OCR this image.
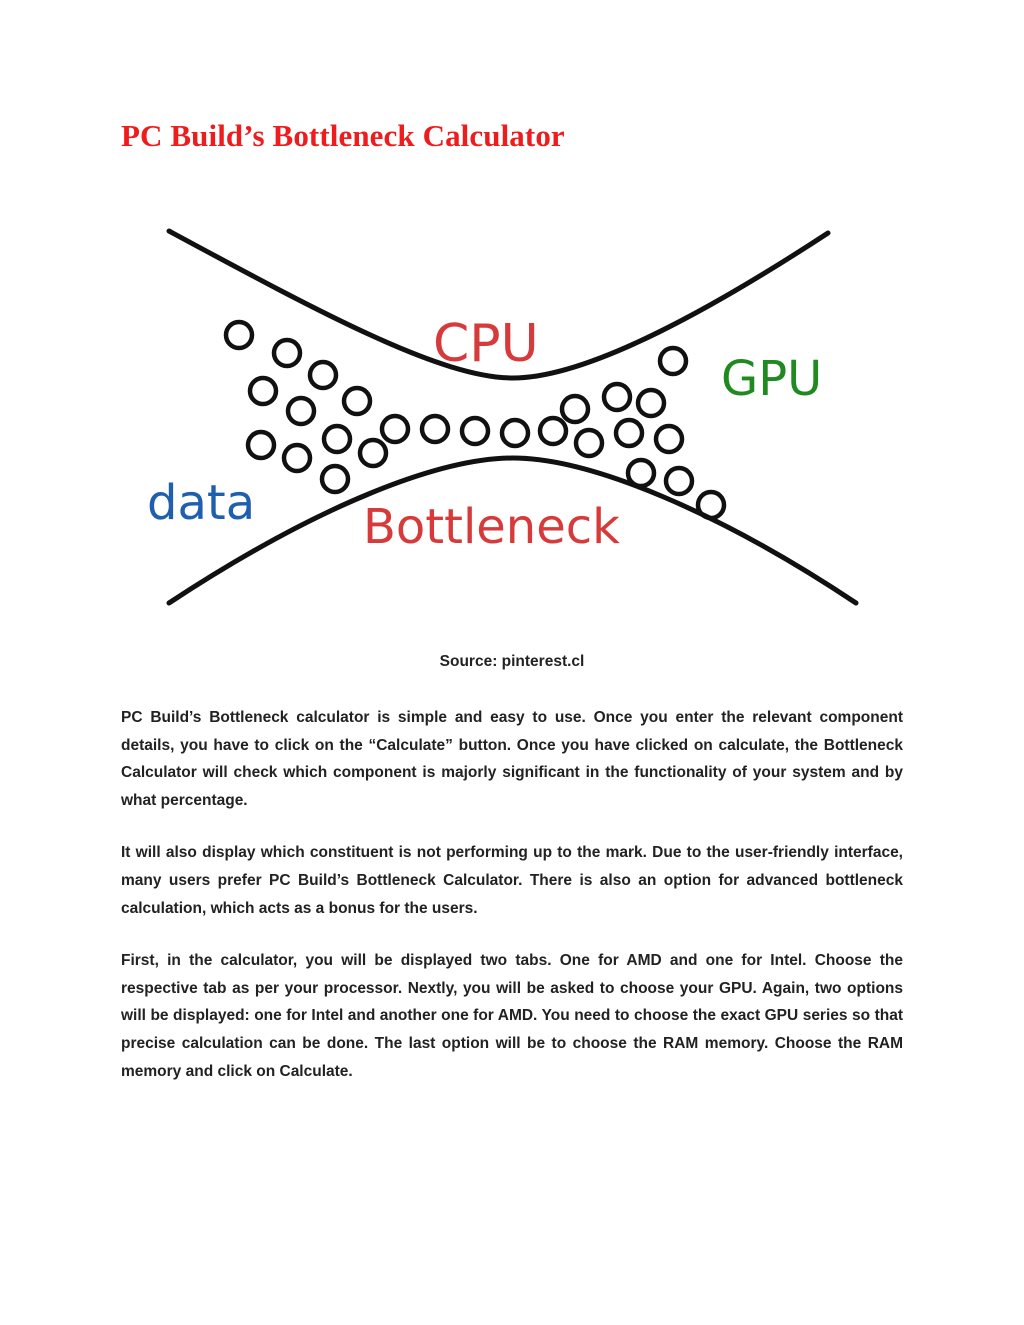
PC Build’s Bottleneck Calculator
CPU
GPU
data Bottleneck
Source: pinterest.cl

PC Build’s Bottleneck calculator is simple and easy to use. Once you enter the relevant component details, you have to click on the “Calculate” button. Once you have clicked on calculate, the Bottleneck Calculator will check which component is majorly significant in the functionality of your system and by what percentage.

It will also display which constituent is not performing up to the mark. Due to the user-friendly interface, many users prefer PC Build’s Bottleneck Calculator. There is also an option for advanced bottleneck calculation, which acts as a bonus for the users.

First, in the calculator, you will be displayed two tabs. One for AMD and one for Intel. Choose the respective tab as per your processor. Nextly, you will be asked to choose your GPU. Again, two options will be displayed: one for Intel and another one for AMD. You need to choose the exact GPU series so that precise calculation can be done. The last option will be to choose the RAM memory. Choose the RAM memory and click on Calculate.
